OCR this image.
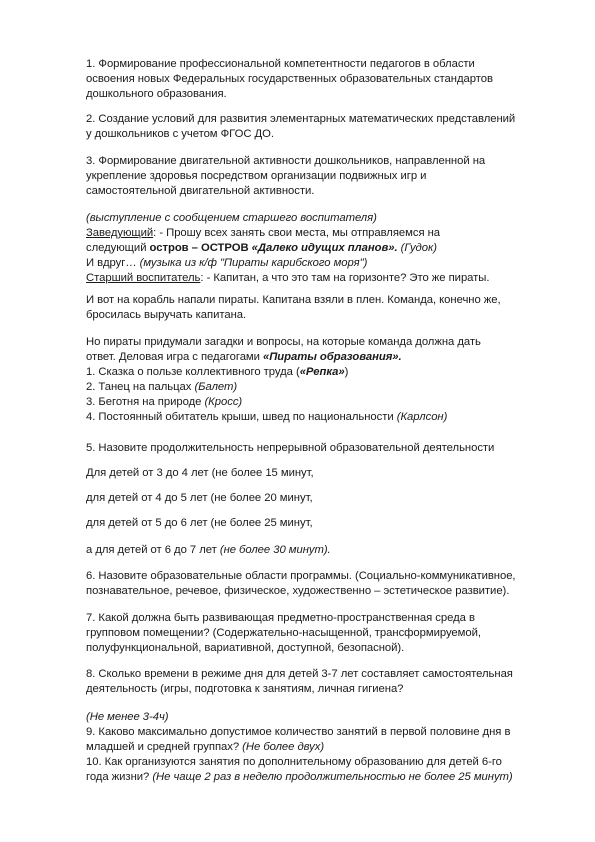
1. Формирование профессиональной компетентности педагогов в области
освоения новых Федеральных государственных образовательных стандартов
дошкольного образования.

2. Создание условий для развития элементарных математических представлений
у дошкольников с учетом ФГОС ДО.

3. Формирование двигательной активности дошкольников, направленной на
укрепление здоровья посредством организации подвижных игр и
самостоятельной двигательной активности.

(выступление с сообщением старшего воспитателя)
Заведующий: - Прошу всех занять свои места, мы отправляемся на
следующий остров – ОСТРОВ «Далеко идущих планов». (Гудок)
И вдруг… (музыка из к/ф "Пираты карибского моря")
Старший воспитатель: - Капитан, а что это там на горизонте? Это же пираты.

И вот на корабль напали пираты. Капитана взяли в плен. Команда, конечно же,
бросилась выручать капитана.

Но пираты придумали загадки и вопросы, на которые команда должна дать
ответ. Деловая игра с педагогами «Пираты образования».
1. Сказка о пользе коллективного труда («Репка»)
2. Танец на пальцах (Балет)
3. Беготня на природе (Кросс)
4. Постоянный обитатель крыши, швед по национальности (Карлсон)

5. Назовите продолжительность непрерывной образовательной деятельности

Для детей от 3 до 4 лет (не более 15 минут,

для детей от 4 до 5 лет (не более 20 минут,

для детей от 5 до 6 лет (не более 25 минут,

а для детей от 6 до 7 лет (не более 30 минут).

6. Назовите образовательные области программы. (Социально-коммуникативное,
познавательное, речевое, физическое, художественно – эстетическое развитие).

7. Какой должна быть развивающая предметно-пространственная среда в
групповом помещении? (Содержательно-насыщенной, трансформируемой,
полуфункциональной, вариативной, доступной, безопасной).

8. Сколько времени в режиме дня для детей 3-7 лет составляет самостоятельная
деятельность (игры, подготовка к занятиям, личная гигиена?

(Не менее 3-4ч)
9. Каково максимально допустимое количество занятий в первой половине дня в
младшей и средней группах? (Не более двух)
10. Как организуются занятия по дополнительному образованию для детей 6-го
года жизни? (Не чаще 2 раз в неделю продолжительностью не более 25 минут)
